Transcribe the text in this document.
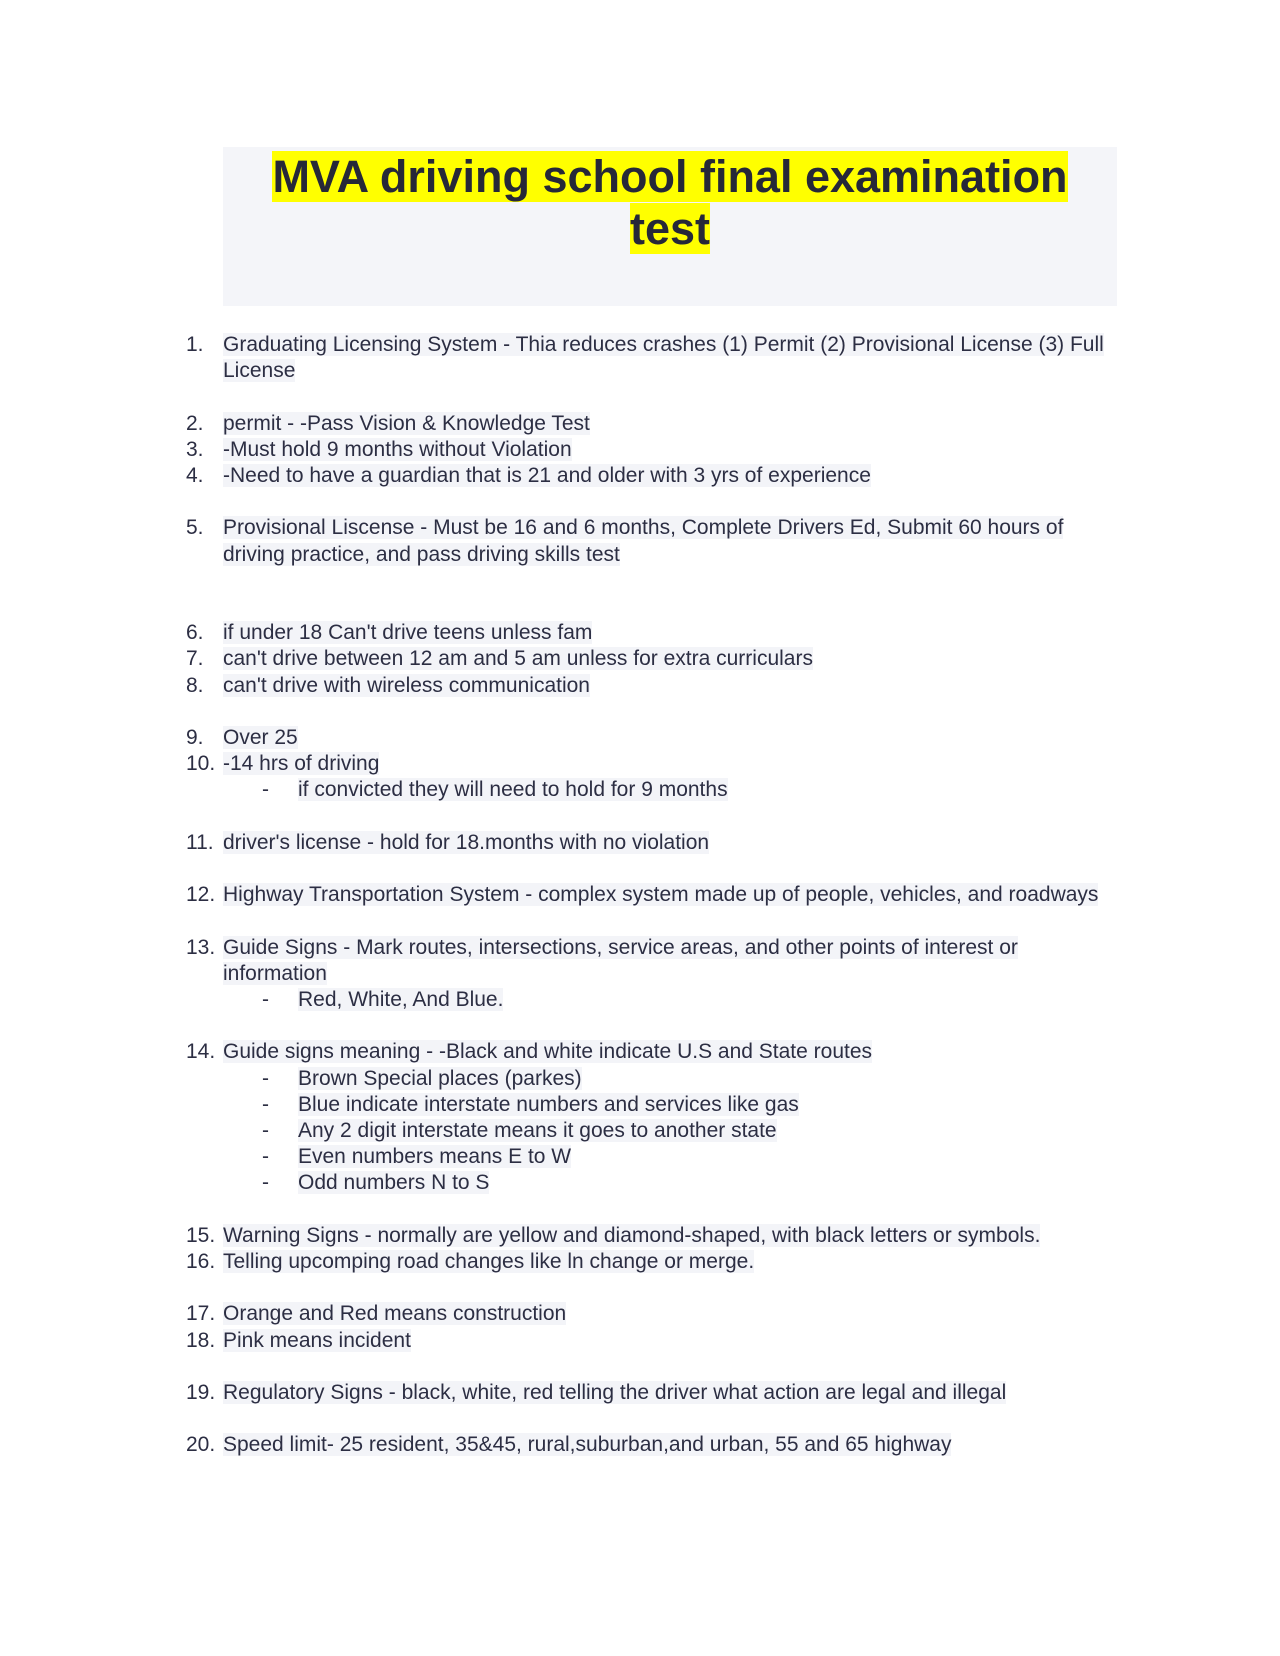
MVA driving school final examination test
1. Graduating Licensing System - Thia reduces crashes (1) Permit (2) Provisional License (3) Full License
2. permit - -Pass Vision & Knowledge Test
3. -Must hold 9 months without Violation
4. -Need to have a guardian that is 21 and older with 3 yrs of experience
5. Provisional Liscense - Must be 16 and 6 months, Complete Drivers Ed, Submit 60 hours of driving practice, and pass driving skills test
6. if under 18 Can't drive teens unless fam
7. can't drive between 12 am and 5 am unless for extra curriculars
8. can't drive with wireless communication
9. Over 25
10. -14 hrs of driving
- if convicted they will need to hold for 9 months
11. driver's license - hold for 18.months with no violation
12. Highway Transportation System - complex system made up of people, vehicles, and roadways
13. Guide Signs - Mark routes, intersections, service areas, and other points of interest or information
- Red, White, And Blue.
14. Guide signs meaning - -Black and white indicate U.S and State routes
- Brown Special places (parkes)
- Blue indicate interstate numbers and services like gas
- Any 2 digit interstate means it goes to another state
- Even numbers means E to W
- Odd numbers N to S
15. Warning Signs - normally are yellow and diamond-shaped, with black letters or symbols.
16. Telling upcomping road changes like ln change or merge.
17. Orange and Red means construction
18. Pink means incident
19. Regulatory Signs - black, white, red telling the driver what action are legal and illegal
20. Speed limit- 25 resident, 35&45, rural,suburban,and urban, 55 and 65 highway
